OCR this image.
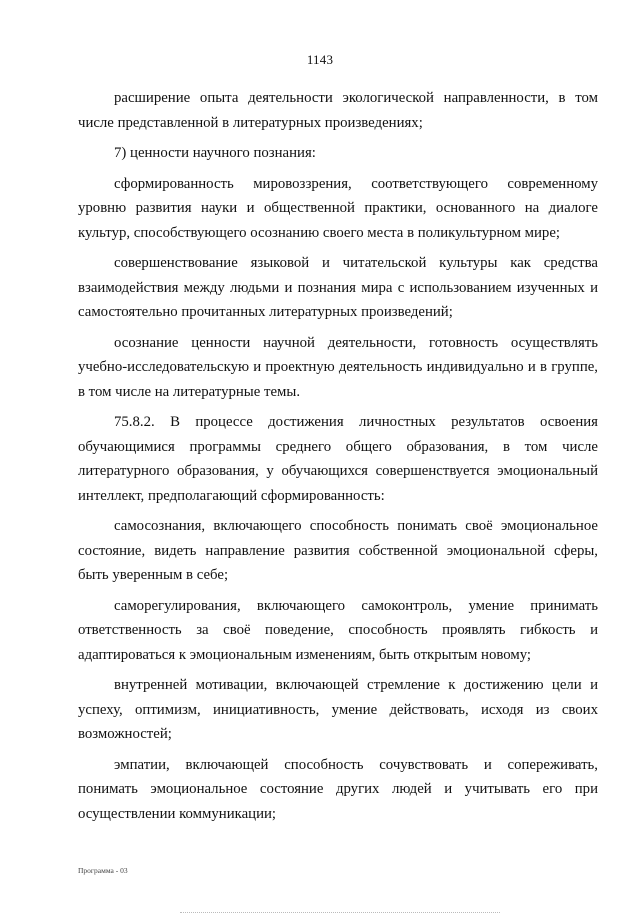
1143

расширение опыта деятельности экологической направленности, в том числе представленной в литературных произведениях;

7) ценности научного познания:

сформированность мировоззрения, соответствующего современному уровню развития науки и общественной практики, основанного на диалоге культур, способствующего осознанию своего места в поликультурном мире;

совершенствование языковой и читательской культуры как средства взаимодействия между людьми и познания мира с использованием изученных и самостоятельно прочитанных литературных произведений;

осознание ценности научной деятельности, готовность осуществлять учебно-исследовательскую и проектную деятельность индивидуально и в группе, в том числе на литературные темы.

75.8.2. В процессе достижения личностных результатов освоения обучающимися программы среднего общего образования, в том числе литературного образования, у обучающихся совершенствуется эмоциональный интеллект, предполагающий сформированность:

самосознания, включающего способность понимать своё эмоциональное состояние, видеть направление развития собственной эмоциональной сферы, быть уверенным в себе;

саморегулирования, включающего самоконтроль, умение принимать ответственность за своё поведение, способность проявлять гибкость и адаптироваться к эмоциональным изменениям, быть открытым новому;

внутренней мотивации, включающей стремление к достижению цели и успеху, оптимизм, инициативность, умение действовать, исходя из своих возможностей;

эмпатии, включающей способность сочувствовать и сопереживать, понимать эмоциональное состояние других людей и учитывать его при осуществлении коммуникации;

Программа - 03
